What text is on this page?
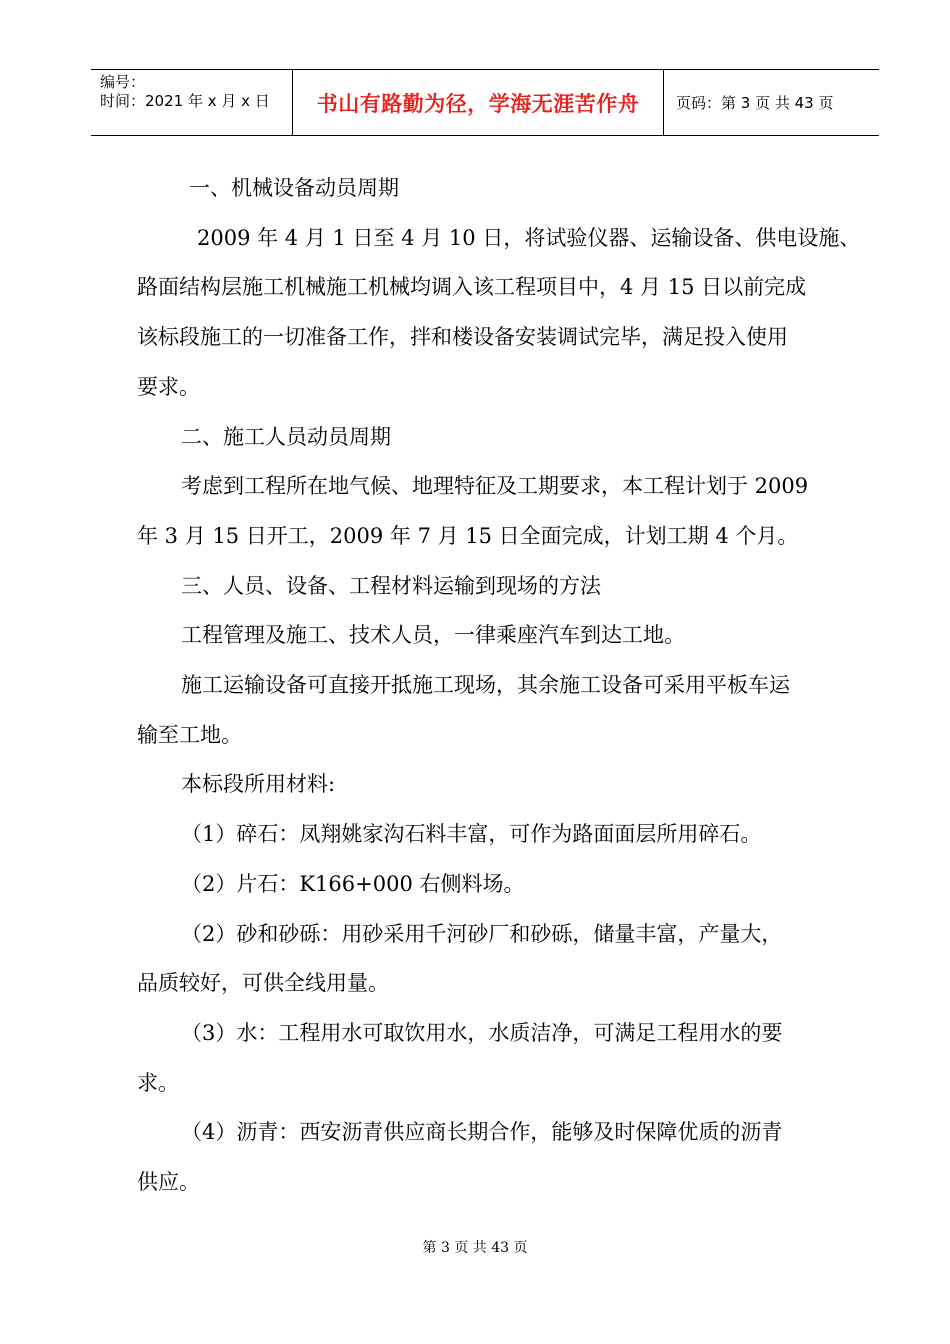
编号：
时间：2021 年 x 月 x 日	书山有路勤为径，学海无涯苦作舟	页码：第 3 页 共 43 页

一、机械设备动员周期

2009 年 4 月 1 日至 4 月 10 日，将试验仪器、运输设备、供电设施、

路面结构层施工机械施工机械均调入该工程项目中，4 月 15 日以前完成

该标段施工的一切准备工作，拌和楼设备安装调试完毕，满足投入使用

要求。

二、施工人员动员周期

考虑到工程所在地气候、地理特征及工期要求，本工程计划于 2009

年 3 月 15 日开工，2009 年 7 月 15 日全面完成，计划工期 4 个月。

三、人员、设备、工程材料运输到现场的方法

工程管理及施工、技术人员，一律乘座汽车到达工地。

施工运输设备可直接开抵施工现场，其余施工设备可采用平板车运

输至工地。

本标段所用材料:

（1）碎石：凤翔姚家沟石料丰富，可作为路面面层所用碎石。

（2）片石：K166+000 右侧料场。

（2）砂和砂砾：用砂采用千河砂厂和砂砾，储量丰富，产量大，

品质较好，可供全线用量。

（3）水：工程用水可取饮用水，水质洁净，可满足工程用水的要

求。

（4）沥青：西安沥青供应商长期合作，能够及时保障优质的沥青

供应。

第 3 页 共 43 页
